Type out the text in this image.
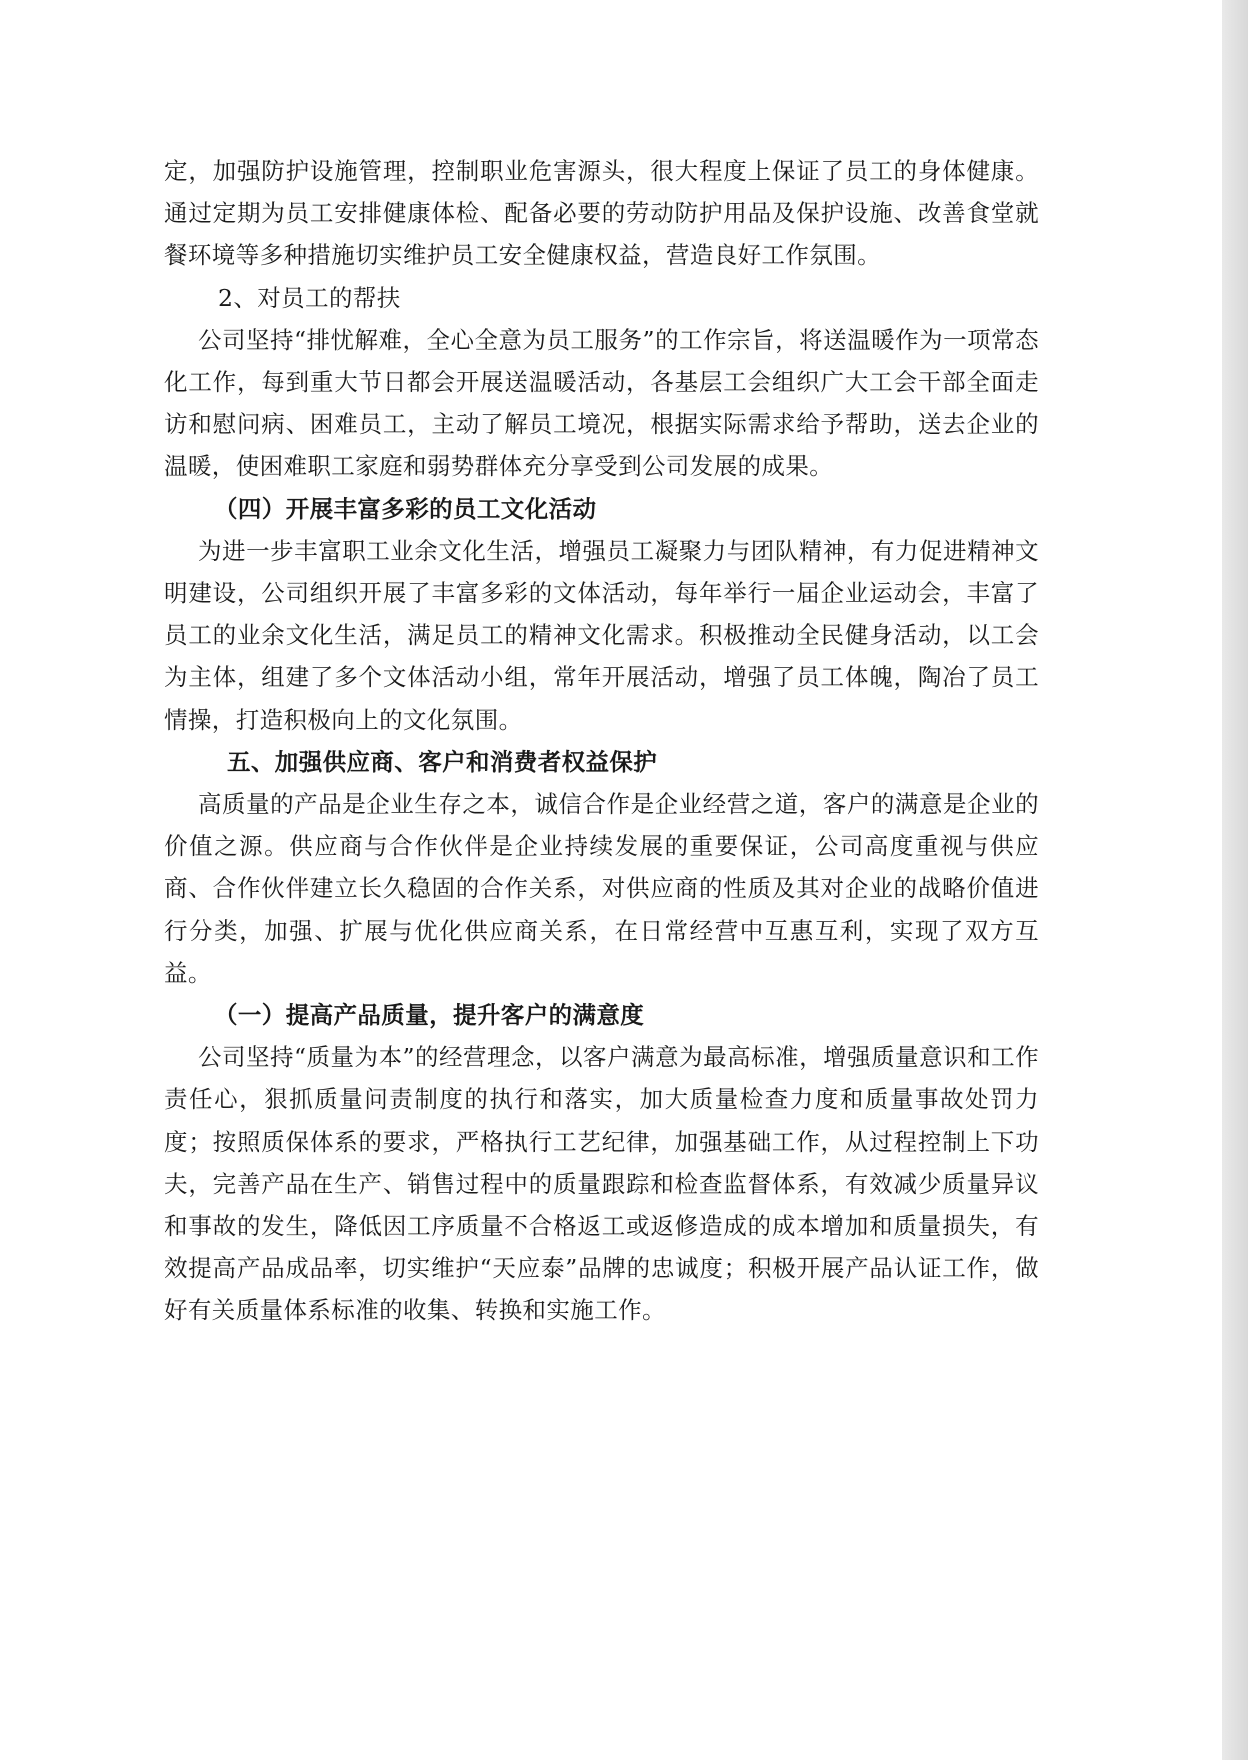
定，加强防护设施管理，控制职业危害源头，很大程度上保证了员工的身体健康。通过定期为员工安排健康体检、配备必要的劳动防护用品及保护设施、改善食堂就餐环境等多种措施切实维护员工安全健康权益，营造良好工作氛围。

2、对员工的帮扶

公司坚持“排忧解难，全心全意为员工服务”的工作宗旨，将送温暖作为一项常态化工作，每到重大节日都会开展送温暖活动，各基层工会组织广大工会干部全面走访和慰问病、困难员工，主动了解员工境况，根据实际需求给予帮助，送去企业的温暖，使困难职工家庭和弱势群体充分享受到公司发展的成果。

（四）开展丰富多彩的员工文化活动

为进一步丰富职工业余文化生活，增强员工凝聚力与团队精神，有力促进精神文明建设，公司组织开展了丰富多彩的文体活动，每年举行一届企业运动会，丰富了员工的业余文化生活，满足员工的精神文化需求。积极推动全民健身活动，以工会为主体，组建了多个文体活动小组，常年开展活动，增强了员工体魄，陶冶了员工情操，打造积极向上的文化氛围。

五、加强供应商、客户和消费者权益保护

高质量的产品是企业生存之本，诚信合作是企业经营之道，客户的满意是企业的价值之源。供应商与合作伙伴是企业持续发展的重要保证，公司高度重视与供应商、合作伙伴建立长久稳固的合作关系，对供应商的性质及其对企业的战略价值进行分类，加强、扩展与优化供应商关系，在日常经营中互惠互利，实现了双方互益。

（一）提高产品质量，提升客户的满意度

公司坚持“质量为本”的经营理念，以客户满意为最高标准，增强质量意识和工作责任心，狠抓质量问责制度的执行和落实，加大质量检查力度和质量事故处罚力度；按照质保体系的要求，严格执行工艺纪律，加强基础工作，从过程控制上下功夫，完善产品在生产、销售过程中的质量跟踪和检查监督体系，有效减少质量异议和事故的发生，降低因工序质量不合格返工或返修造成的成本增加和质量损失，有效提高产品成品率，切实维护“天应泰”品牌的忠诚度；积极开展产品认证工作，做好有关质量体系标准的收集、转换和实施工作。
